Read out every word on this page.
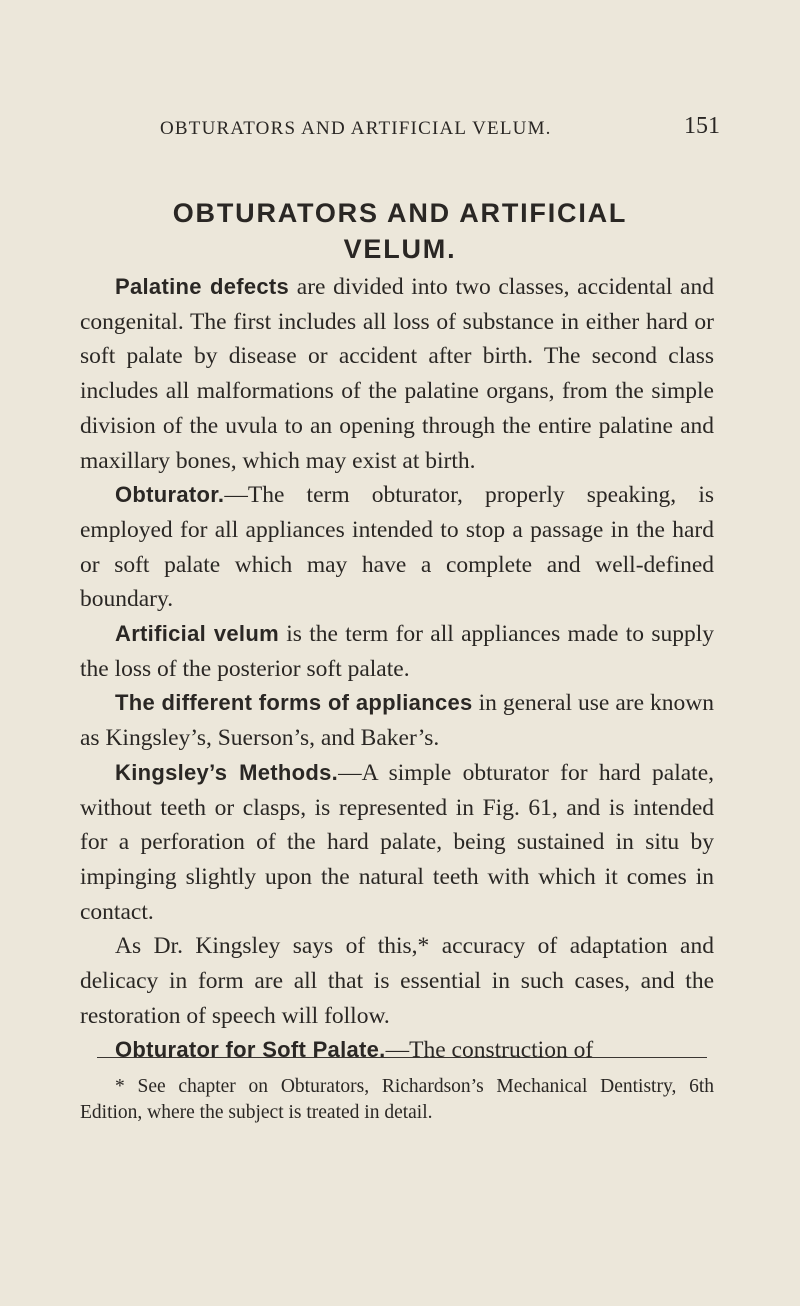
OBTURATORS AND ARTIFICIAL VELUM.	151
OBTURATORS AND ARTIFICIAL
VELUM.

Palatine defects are divided into two classes, accidental and congenital. The first includes all loss of substance in either hard or soft palate by disease or accident after birth. The second class includes all malformations of the palatine organs, from the simple division of the uvula to an opening through the entire palatine and maxillary bones, which may exist at birth.

Obturator.—The term obturator, properly speaking, is employed for all appliances intended to stop a passage in the hard or soft palate which may have a complete and well-defined boundary.

Artificial velum is the term for all appliances made to supply the loss of the posterior soft palate.

The different forms of appliances in general use are known as Kingsley’s, Suerson’s, and Baker’s.

Kingsley’s Methods.—A simple obturator for hard palate, without teeth or clasps, is represented in Fig. 61, and is intended for a perforation of the hard palate, being sustained in situ by impinging slightly upon the natural teeth with which it comes in contact.

As Dr. Kingsley says of this,* accuracy of adaptation and delicacy in form are all that is essential in such cases, and the restoration of speech will follow.

Obturator for Soft Palate.—The construction of

* See chapter on Obturators, Richardson’s Mechanical Dentistry, 6th Edition, where the subject is treated in detail.
